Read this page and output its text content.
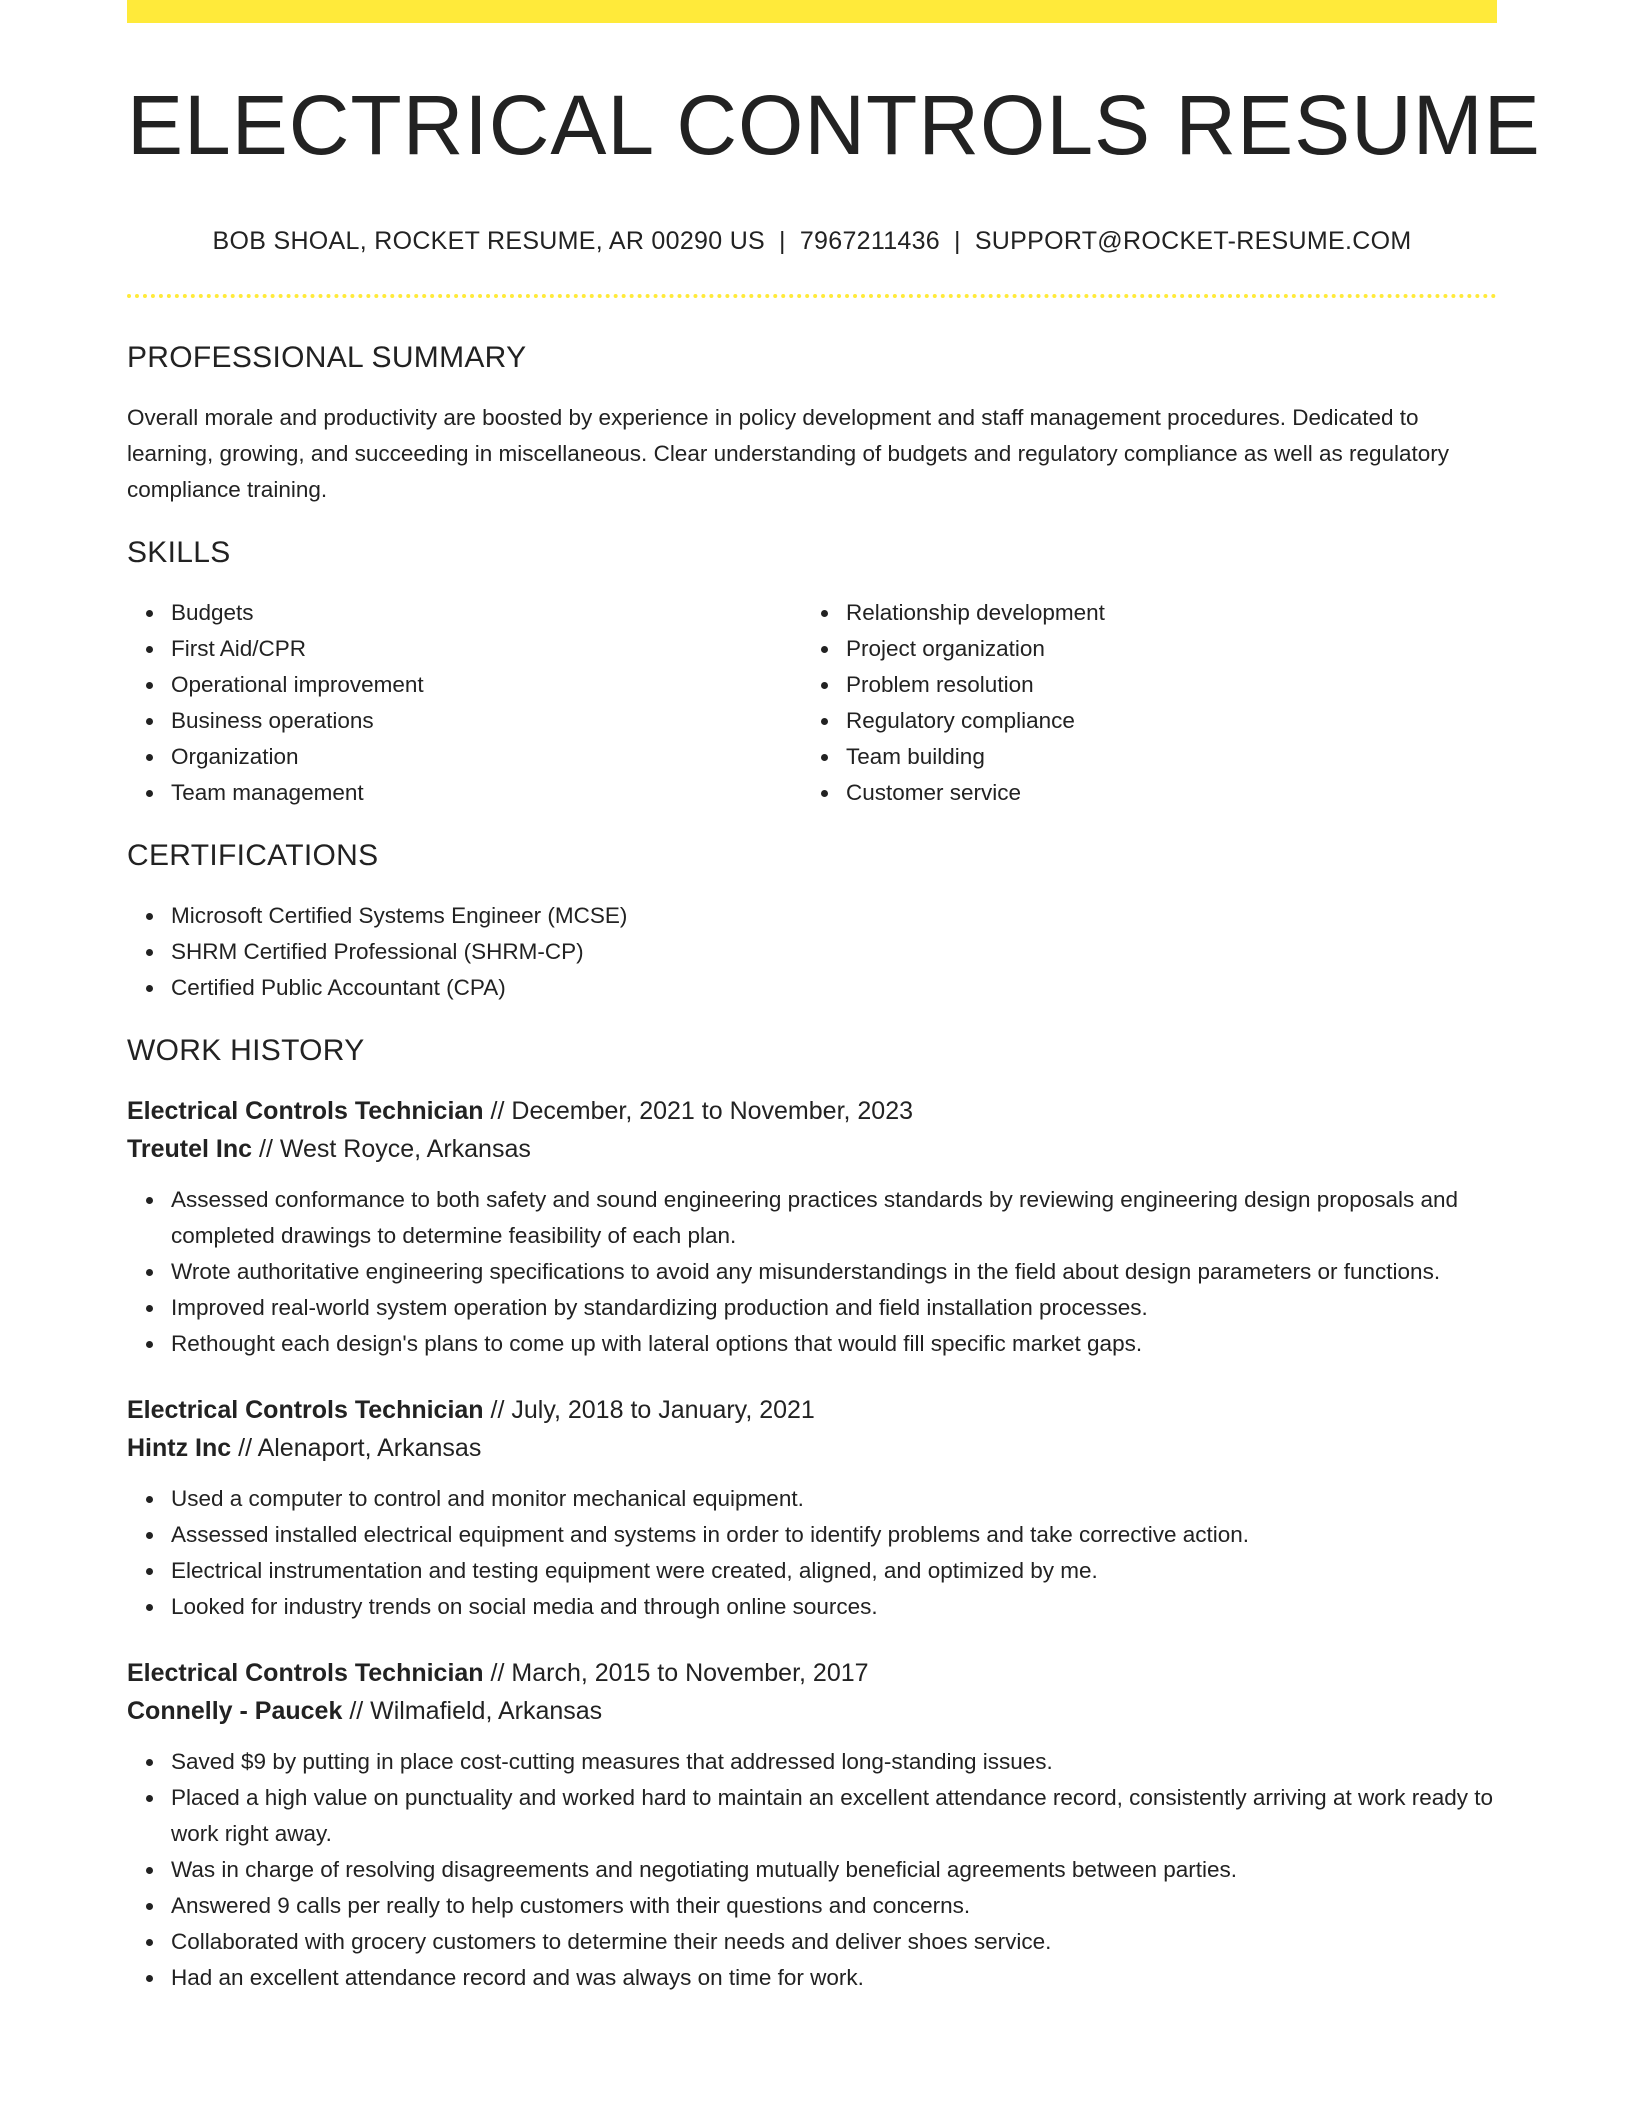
ELECTRICAL CONTROLS RESUME
BOB SHOAL, ROCKET RESUME, AR 00290 US | 7967211436 | SUPPORT@ROCKET-RESUME.COM
PROFESSIONAL SUMMARY
Overall morale and productivity are boosted by experience in policy development and staff management procedures. Dedicated to learning, growing, and succeeding in miscellaneous. Clear understanding of budgets and regulatory compliance as well as regulatory compliance training.
SKILLS
Budgets
First Aid/CPR
Operational improvement
Business operations
Organization
Team management
Relationship development
Project organization
Problem resolution
Regulatory compliance
Team building
Customer service
CERTIFICATIONS
Microsoft Certified Systems Engineer (MCSE)
SHRM Certified Professional (SHRM-CP)
Certified Public Accountant (CPA)
WORK HISTORY
Electrical Controls Technician // December, 2021 to November, 2023
Treutel Inc // West Royce, Arkansas
Assessed conformance to both safety and sound engineering practices standards by reviewing engineering design proposals and completed drawings to determine feasibility of each plan.
Wrote authoritative engineering specifications to avoid any misunderstandings in the field about design parameters or functions.
Improved real-world system operation by standardizing production and field installation processes.
Rethought each design's plans to come up with lateral options that would fill specific market gaps.
Electrical Controls Technician // July, 2018 to January, 2021
Hintz Inc // Alenaport, Arkansas
Used a computer to control and monitor mechanical equipment.
Assessed installed electrical equipment and systems in order to identify problems and take corrective action.
Electrical instrumentation and testing equipment were created, aligned, and optimized by me.
Looked for industry trends on social media and through online sources.
Electrical Controls Technician // March, 2015 to November, 2017
Connelly - Paucek // Wilmafield, Arkansas
Saved $9 by putting in place cost-cutting measures that addressed long-standing issues.
Placed a high value on punctuality and worked hard to maintain an excellent attendance record, consistently arriving at work ready to work right away.
Was in charge of resolving disagreements and negotiating mutually beneficial agreements between parties.
Answered 9 calls per really to help customers with their questions and concerns.
Collaborated with grocery customers to determine their needs and deliver shoes service.
Had an excellent attendance record and was always on time for work.
